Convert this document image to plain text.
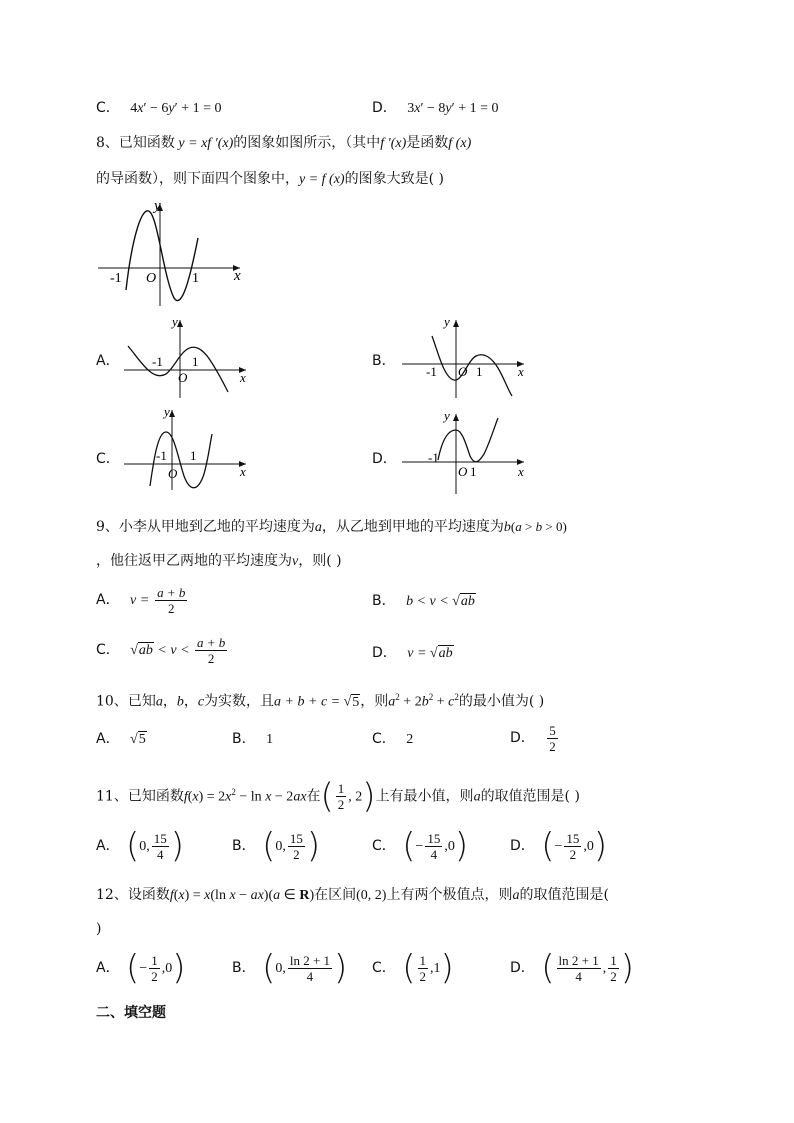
C． 4x′ − 6y′ + 1 = 0	D． 3x′ − 8y′ + 1 = 0
8、已知函数 y = xf ′(x)的图象如图所示，（其中f ′(x)是函数f (x)
的导函数），则下面四个图象中，y = f (x)的图象大致是( )
y
x
O
-1	1
A．
y
x
O
-1 1	B．
y
x
O
-1	1
C．
y
x
O
-1 1	D．
y
x
O
-1
1
9、小李从甲地到乙地的平均速度为a，从乙地到甲地的平均速度为b(a > b > 0)
，他往返甲乙两地的平均速度为v，则( )
A． $v = \frac{a + b}{2}$	B． b < v < √ab
C． $√ab < v < \frac{a + b}{2}$	D． v = √ab
10、已知a，b，c为实数，且a + b + c = √5，则$a^2 + 2b^2 + c^2$的最小值为( )
A． √5	B． 1	C． 2	D． $\frac{5}{2}$
11、已知函数$f(x) = 2x^2 - \ln x - 2ax$在( $\frac{1}{2}$ , 2)上有最小值，则a的取值范围是( )
A． (0, $\frac{15}{4}$ )	B． (0, $\frac{15}{2}$ )	C． (− $\frac{15}{4} ,0$)	D． (− $\frac{15}{2} ,0$)
12、设函数f(x) = x(ln x − ax)(a ∈ R)在区间(0, 2)上有两个极值点，则a的取值范围是(
)
A． (− $\frac{1}{2} ,0$)	B． (0, $\frac{\ln 2 + 1}{4}$ ) C． ( $\frac{1}{2} ,1$)	D． ( $\frac{\ln 2 + 1}{4}$ , $\frac{1}{2}$ )
二、填空题
